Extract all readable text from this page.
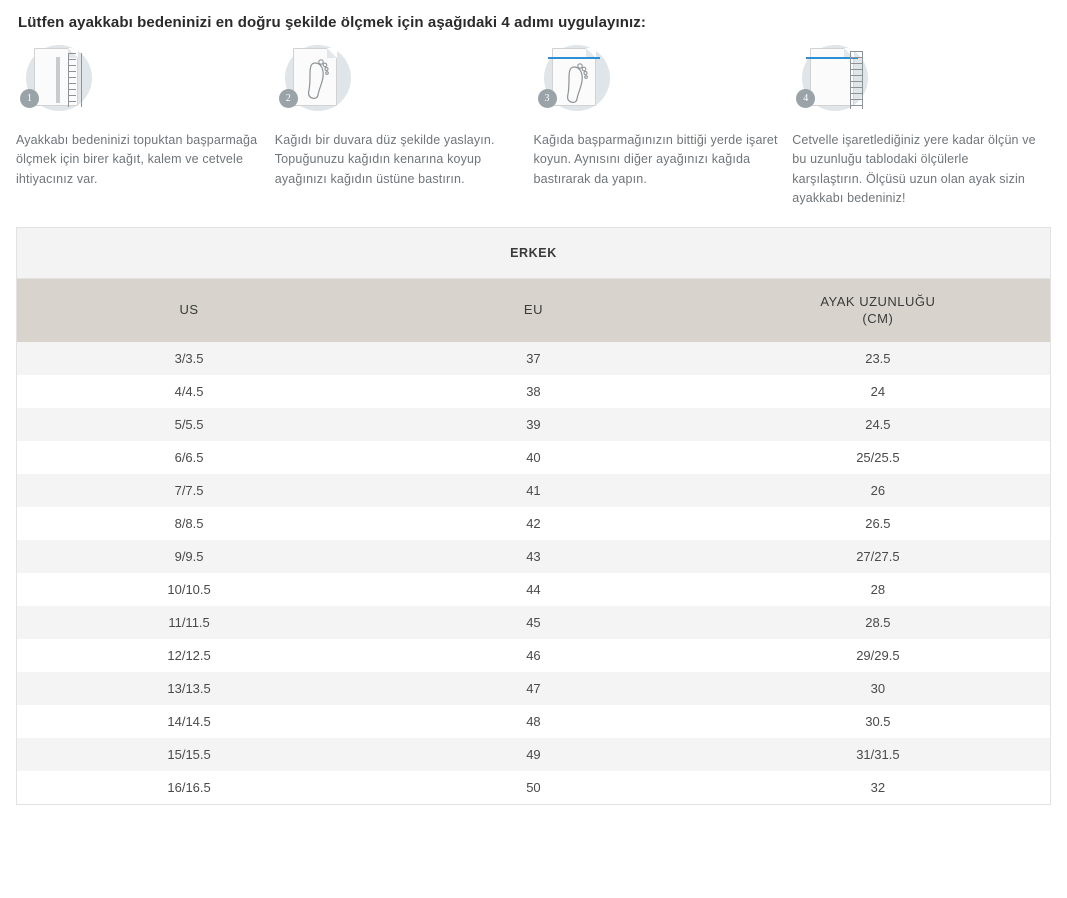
Lütfen ayakkabı bedeninizi en doğru şekilde ölçmek için aşağıdaki 4 adımı uygulayınız:
1
Ayakkabı bedeninizi topuktan başparmağa ölçmek için birer kağıt, kalem ve cetvele ihtiyacınız var.
2
Kağıdı bir duvara düz şekilde yaslayın. Topuğunuzu kağıdın kenarına koyup ayağınızı kağıdın üstüne bastırın.
3
Kağıda başparmağınızın bittiği yerde işaret koyun. Aynısını diğer ayağınızı kağıda bastırarak da yapın.
4
Cetvelle işaretlediğiniz yere kadar ölçün ve bu uzunluğu tablodaki ölçülerle karşılaştırın. Ölçüsü uzun olan ayak sizin ayakkabı bedeniniz!
ERKEK		
US	EU	AYAK UZUNLUĞU
(CM)
3/3.5	37	23.5
4/4.5	38	24
5/5.5	39	24.5
6/6.5	40	25/25.5
7/7.5	41	26
8/8.5	42	26.5
9/9.5	43	27/27.5
10/10.5	44	28
11/11.5	45	28.5
12/12.5	46	29/29.5
13/13.5	47	30
14/14.5	48	30.5
15/15.5	49	31/31.5
16/16.5	50	32
